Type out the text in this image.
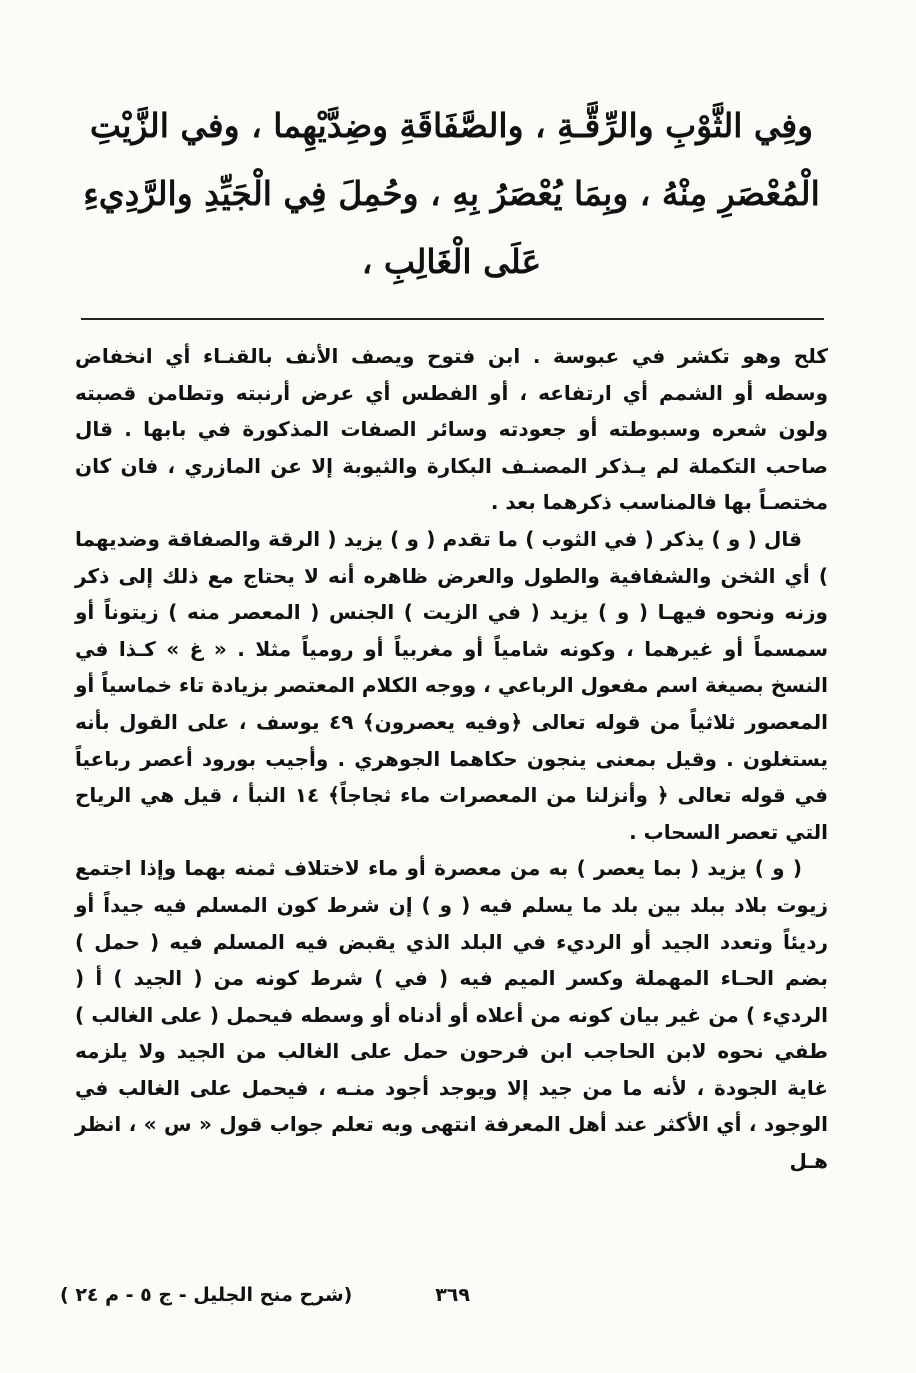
وفِي الثَّوْبِ والرِّقَّـةِ ، والصَّفَاقَةِ وضِدَّيْهِما ، وفي الزَّيْتِ
الْمُعْصَرِ مِنْهُ ، وبِمَا يُعْصَرُ بِهِ ، وحُمِلَ فِي الْجَيِّدِ والرَّدِيءِ
عَلَى الْغَالِبِ ،

كلح وهو تكشر في عبوسة . ابن فتوح ويصف الأنف بالقنـاء أي انخفاض وسطه أو الشمم أي ارتفاعه ، أو الفطس أي عرض أرنبته وتطامن قصبته ولون شعره وسبوطته أو جعودته وسائر الصفات المذكورة في بابها . قال صاحب التكملة لم يـذكر المصنـف البكارة والثيوبة إلا عن المازري ، فان كان مختصـاً بها فالمناسب ذكرهما بعد .

قال ( و ) يذكر ( في الثوب ) ما تقدم ( و ) يزيد ( الرقة والصفاقة وضديهما ) أي الثخن والشفافية والطول والعرض ظاهره أنه لا يحتاج مع ذلك إلى ذكر وزنه ونحوه فيهـا ( و ) يزيد ( في الزيت ) الجنس ( المعصر منه ) زيتوناً أو سمسماً أو غيرهما ، وكونه شامياً أو مغربياً أو رومياً مثلا . « غ » كـذا في النسخ بصيغة اسم مفعول الرباعي ، ووجه الكلام المعتصر بزيادة تاء خماسياً أو المعصور ثلاثياً من قوله تعالى ﴿وفيه يعصرون﴾ ٤٩ يوسف ، على القول بأنه يستغلون . وقيل بمعنى ينجون حكاهما الجوهري . وأجيب بورود أعصر رباعياً في قوله تعالى ﴿ وأنزلنا من المعصرات ماء ثجاجاً﴾ ١٤ النبأ ، قيل هي الرياح التي تعصر السحاب .

( و ) يزيد ( بما يعصر ) به من معصرة أو ماء لاختلاف ثمنه بهما وإذا اجتمع زيوت بلاد ببلد بين بلد ما يسلم فيه ( و ) إن شرط كون المسلم فيه جيداً أو رديئاً وتعدد الجيد أو الرديء في البلد الذي يقبض فيه المسلم فيه ( حمل ) بضم الحـاء المهملة وكسر الميم فيه ( في ) شرط كونه من ( الجيد ) أ ( الرديء ) من غير بيان كونه من أعلاه أو أدناه أو وسطه فيحمل ( على الغالب ) طفي نحوه لابن الحاجب ابن فرحون حمل على الغالب من الجيد ولا يلزمه غاية الجودة ، لأنه ما من جيد إلا ويوجد أجود منـه ، فيحمل على الغالب في الوجود ، أي الأكثر عند أهل المعرفة انتهى وبه تعلم جواب قول « س » ، انظر هـل

٣٦٩
(شرح منح الجليل - ج ٥ - م ٢٤ )
